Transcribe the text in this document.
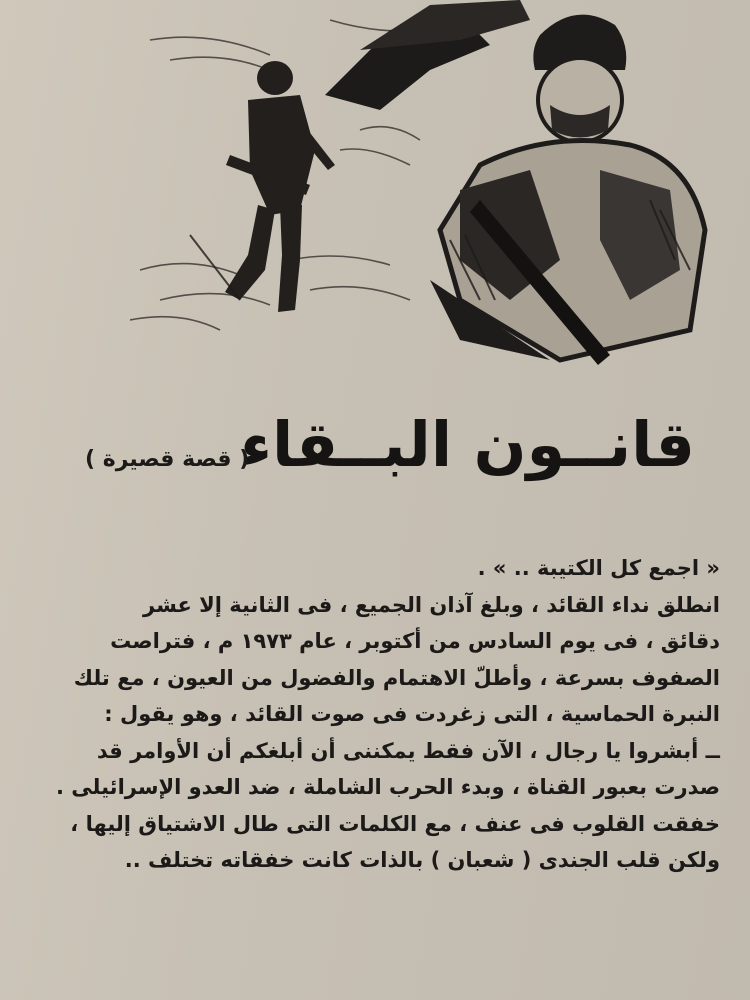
قانــون البــقاء
( قصة قصيرة )
« اجمع كل الكتيبة .. » .
انطلق نداء القائد ، وبلغ آذان الجميع ، فى الثانية إلا عشر
دقائق ، فى يوم السادس من أكتوبر ، عام ١٩٧٣ م ، فتراصت
الصفوف بسرعة ، وأطلّ الاهتمام والفضول من العيون ، مع تلك
النبرة الحماسية ، التى زغردت فى صوت القائد ، وهو يقول :
ــ أبشروا يا رجال ، الآن فقط يمكننى أن أبلغكم أن الأوامر قد
صدرت بعبور القناة ، وبدء الحرب الشاملة ، ضد العدو الإسرائيلى .
خفقت القلوب فى عنف ، مع الكلمات التى طال الاشتياق إليها ،
ولكن قلب الجندى ( شعبان ) بالذات كانت خفقاته تختلف ..
